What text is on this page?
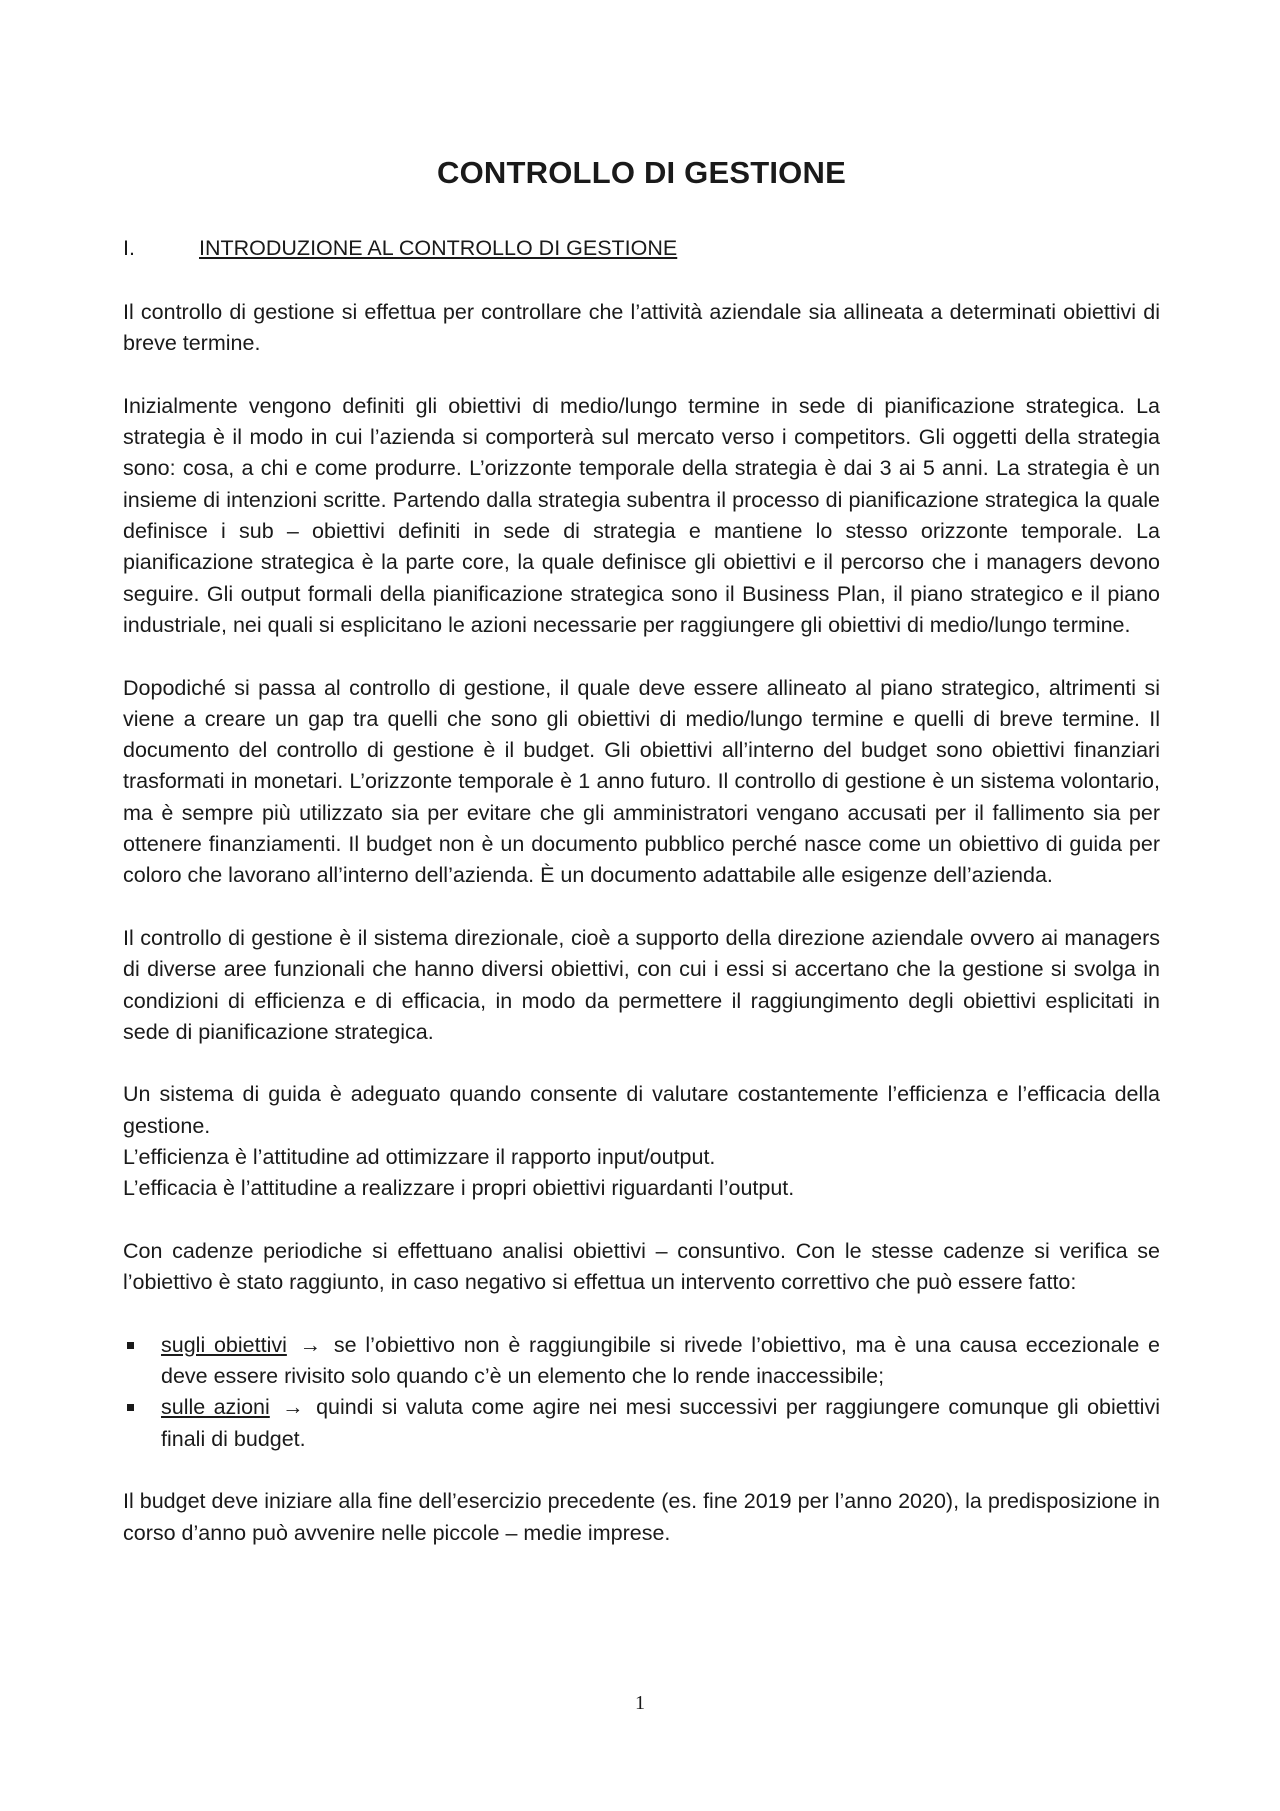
CONTROLLO DI GESTIONE
I.	INTRODUZIONE AL CONTROLLO DI GESTIONE

Il controllo di gestione si effettua per controllare che l’attività aziendale sia allineata a determinati obiettivi di breve termine.

Inizialmente vengono definiti gli obiettivi di medio/lungo termine in sede di pianificazione strategica. La strategia è il modo in cui l’azienda si comporterà sul mercato verso i competitors. Gli oggetti della strategia sono: cosa, a chi e come produrre. L’orizzonte temporale della strategia è dai 3 ai 5 anni. La strategia è un insieme di intenzioni scritte. Partendo dalla strategia subentra il processo di pianificazione strategica la quale definisce i sub – obiettivi definiti in sede di strategia e mantiene lo stesso orizzonte temporale. La pianificazione strategica è la parte core, la quale definisce gli obiettivi e il percorso che i managers devono seguire. Gli output formali della pianificazione strategica sono il Business Plan, il piano strategico e il piano industriale, nei quali si esplicitano le azioni necessarie per raggiungere gli obiettivi di medio/lungo termine.

Dopodiché si passa al controllo di gestione, il quale deve essere allineato al piano strategico, altrimenti si viene a creare un gap tra quelli che sono gli obiettivi di medio/lungo termine e quelli di breve termine. Il documento del controllo di gestione è il budget. Gli obiettivi all’interno del budget sono obiettivi finanziari trasformati in monetari. L’orizzonte temporale è 1 anno futuro. Il controllo di gestione è un sistema volontario, ma è sempre più utilizzato sia per evitare che gli amministratori vengano accusati per il fallimento sia per ottenere finanziamenti. Il budget non è un documento pubblico perché nasce come un obiettivo di guida per coloro che lavorano all’interno dell’azienda. È un documento adattabile alle esigenze dell’azienda.

Il controllo di gestione è il sistema direzionale, cioè a supporto della direzione aziendale ovvero ai managers di diverse aree funzionali che hanno diversi obiettivi, con cui i essi si accertano che la gestione si svolga in condizioni di efficienza e di efficacia, in modo da permettere il raggiungimento degli obiettivi esplicitati in sede di pianificazione strategica.

Un sistema di guida è adeguato quando consente di valutare costantemente l’efficienza e l’efficacia della gestione.

L’efficienza è l’attitudine ad ottimizzare il rapporto input/output.

L’efficacia è l’attitudine a realizzare i propri obiettivi riguardanti l’output.

Con cadenze periodiche si effettuano analisi obiettivi – consuntivo. Con le stesse cadenze si verifica se l’obiettivo è stato raggiunto, in caso negativo si effettua un intervento correttivo che può essere fatto:

sugli obiettivi → se l’obiettivo non è raggiungibile si rivede l’obiettivo, ma è una causa eccezionale e deve essere rivisito solo quando c’è un elemento che lo rende inaccessibile;
sulle azioni → quindi si valuta come agire nei mesi successivi per raggiungere comunque gli obiettivi finali di budget.

Il budget deve iniziare alla fine dell’esercizio precedente (es. fine 2019 per l’anno 2020), la predisposizione in corso d’anno può avvenire nelle piccole – medie imprese.

1
